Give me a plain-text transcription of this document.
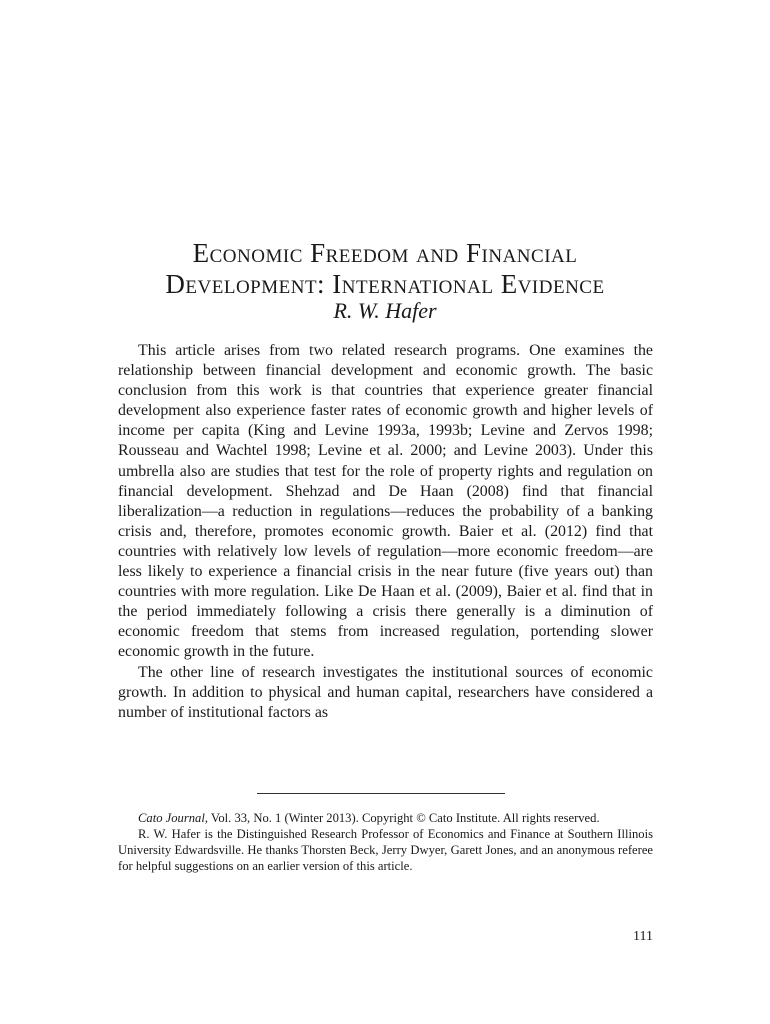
Economic Freedom and Financial
Development: International Evidence
R. W. Hafer

This article arises from two related research programs. One examines the relationship between financial development and economic growth. The basic conclusion from this work is that countries that experience greater financial development also experience faster rates of economic growth and higher levels of income per capita (King and Levine 1993a, 1993b; Levine and Zervos 1998; Rousseau and Wachtel 1998; Levine et al. 2000; and Levine 2003). Under this umbrella also are studies that test for the role of property rights and regulation on financial development. Shehzad and De Haan (2008) find that financial liberalization—a reduction in regulations—reduces the probability of a banking crisis and, therefore, promotes economic growth. Baier et al. (2012) find that countries with relatively low levels of regulation—more economic freedom—are less likely to experience a financial crisis in the near future (five years out) than countries with more regulation. Like De Haan et al. (2009), Baier et al. find that in the period immediately following a crisis there generally is a diminution of economic freedom that stems from increased regulation, portending slower economic growth in the future.

The other line of research investigates the institutional sources of economic growth. In addition to physical and human capital, researchers have considered a number of institutional factors as

Cato Journal, Vol. 33, No. 1 (Winter 2013). Copyright © Cato Institute. All rights reserved.

R. W. Hafer is the Distinguished Research Professor of Economics and Finance at Southern Illinois University Edwardsville. He thanks Thorsten Beck, Jerry Dwyer, Garett Jones, and an anonymous referee for helpful suggestions on an earlier version of this article.

111
